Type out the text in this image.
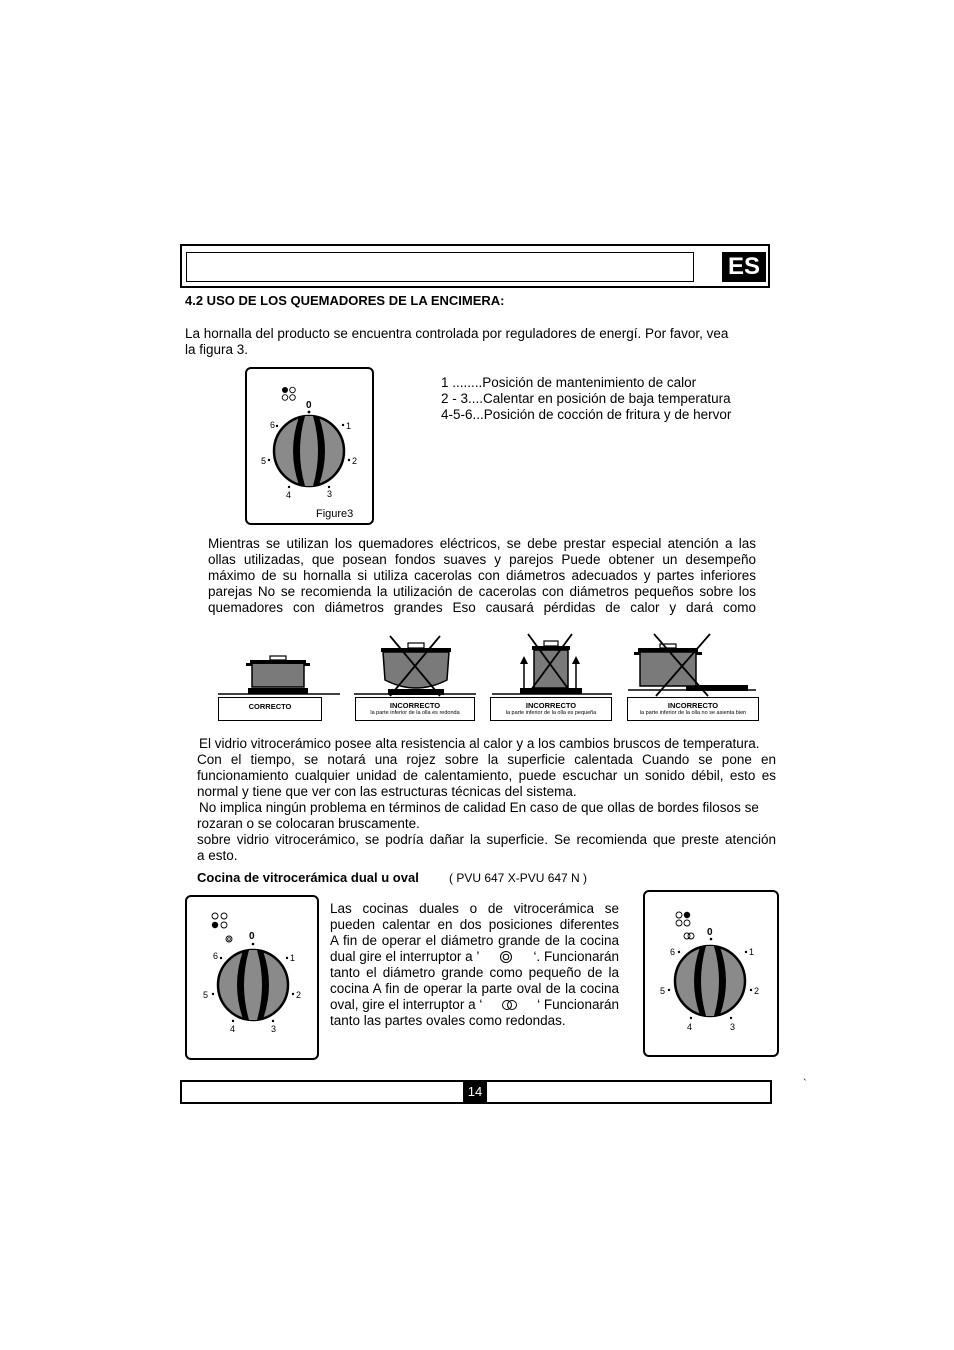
ES
4.2 USO DE LOS QUEMADORES DE LA ENCIMERA:
La hornalla del producto se encuentra controlada por reguladores de energí. Por favor, vea
la figura 3.
0
1
2
3
4
5
6
Figure3
1 ........Posición de mantenimiento de calor
2 - 3....Calentar en posición de baja temperatura
4-5-6...Posición de cocción de fritura y de hervor
Mientras se utilizan los quemadores eléctricos, se debe prestar especial atención a las
ollas utilizadas, que posean fondos suaves y parejos Puede obtener un desempeño
máximo de su hornalla si utiliza cacerolas con diámetros adecuados y partes inferiores
parejas No se recomienda la utilización de cacerolas con diámetros pequeños sobre los
quemadores con diámetros grandes Eso causará pérdidas de calor y dará como
CORRECTO	INCORRECTO
la parte inferior de la olla es redonda
INCORRECTO
la parte inferior de la olla es pequeña
INCORRECTO
la parte inferior de la olla no se asienta bien
El vidrio vitrocerámico posee alta resistencia al calor y a los cambios bruscos de temperatura.
Con el tiempo, se notará una rojez sobre la superficie calentada Cuando se pone en
funcionamiento cualquier unidad de calentamiento, puede escuchar un sonido débil, esto es
normal y tiene que ver con las estructuras técnicas del sistema.
No implica ningún problema en términos de calidad En caso de que ollas de bordes filosos se
rozaran o se colocaran bruscamente.
sobre vidrio vitrocerámico, se podría dañar la superficie. Se recomienda que preste atención
a esto.
Cocina de vitrocerámica dual u oval	( PVU 647 X-PVU 647 N )
0
1
2
3
4
5
6
Las cocinas duales o de vitrocerámica se
pueden calentar en dos posiciones diferentes
A fin de operar el diámetro grande de la cocina
dual gire el interruptor a ’	‘. Funcionarán
tanto el diámetro grande como pequeño de la
cocina A fin de operar la parte oval de la cocina
oval, gire el interruptor a ‘	‘ Funcionarán
tanto las partes ovales como redondas.
0
1
2
3
4
5
6
14	`
